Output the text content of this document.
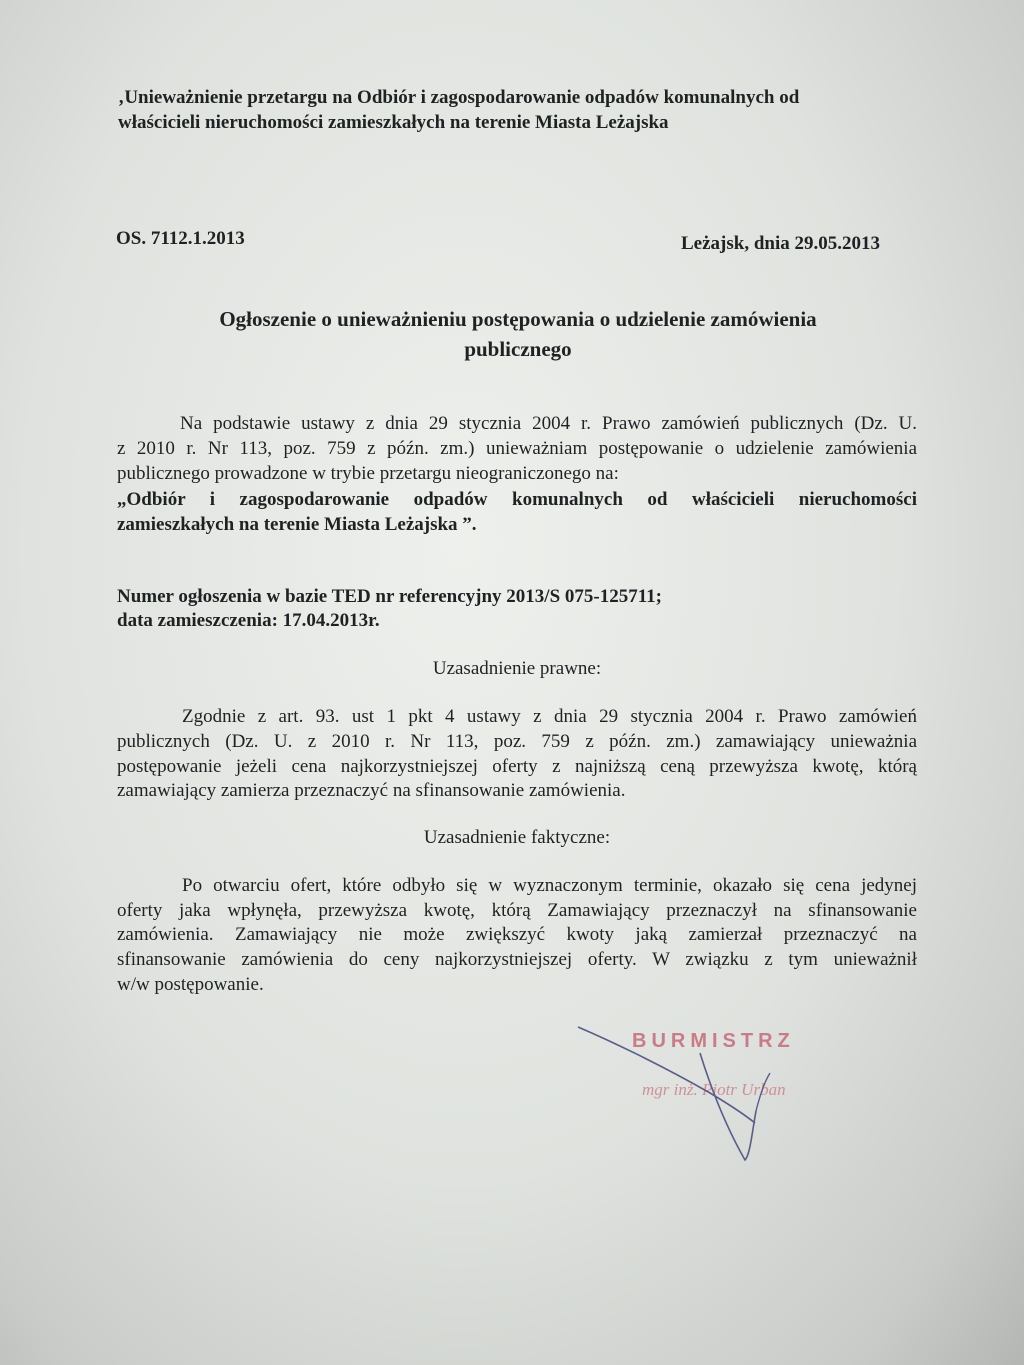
‚Unieważnienie przetargu na Odbiór i zagospodarowanie odpadów komunalnych od
właścicieli nieruchomości zamieszkałych na terenie Miasta Leżajska
OS. 7112.1.2013	Leżajsk, dnia 29.05.2013
Ogłoszenie o unieważnieniu postępowania o udzielenie zamówienia
publicznego
Na podstawie ustawy z dnia 29 stycznia 2004 r. Prawo zamówień publicznych (Dz. U.
z 2010 r. Nr 113, poz. 759 z późn. zm.) unieważniam postępowanie o udzielenie zamówienia
publicznego prowadzone w trybie przetargu nieograniczonego na:
„Odbiór i zagospodarowanie odpadów komunalnych od właścicieli nieruchomości
zamieszkałych na terenie Miasta Leżajska ”.
Numer ogłoszenia w bazie TED nr referencyjny 2013/S 075-125711;
data zamieszczenia: 17.04.2013r.
Uzasadnienie prawne:
Zgodnie z art. 93. ust 1 pkt 4 ustawy z dnia 29 stycznia 2004 r. Prawo zamówień
publicznych (Dz. U. z 2010 r. Nr 113, poz. 759 z późn. zm.) zamawiający unieważnia
postępowanie jeżeli cena najkorzystniejszej oferty z najniższą ceną przewyższa kwotę, którą
zamawiający zamierza przeznaczyć na sfinansowanie zamówienia.
Uzasadnienie faktyczne:
Po otwarciu ofert, które odbyło się w wyznaczonym terminie, okazało się cena jedynej
oferty jaka wpłynęła, przewyższa kwotę, którą Zamawiający przeznaczył na sfinansowanie
zamówienia. Zamawiający nie może zwiększyć kwoty jaką zamierzał przeznaczyć na
sfinansowanie zamówienia do ceny najkorzystniejszej oferty. W związku z tym unieważnił
w/w postępowanie.
BURMISTRZ
mgr inż. Piotr Urban
